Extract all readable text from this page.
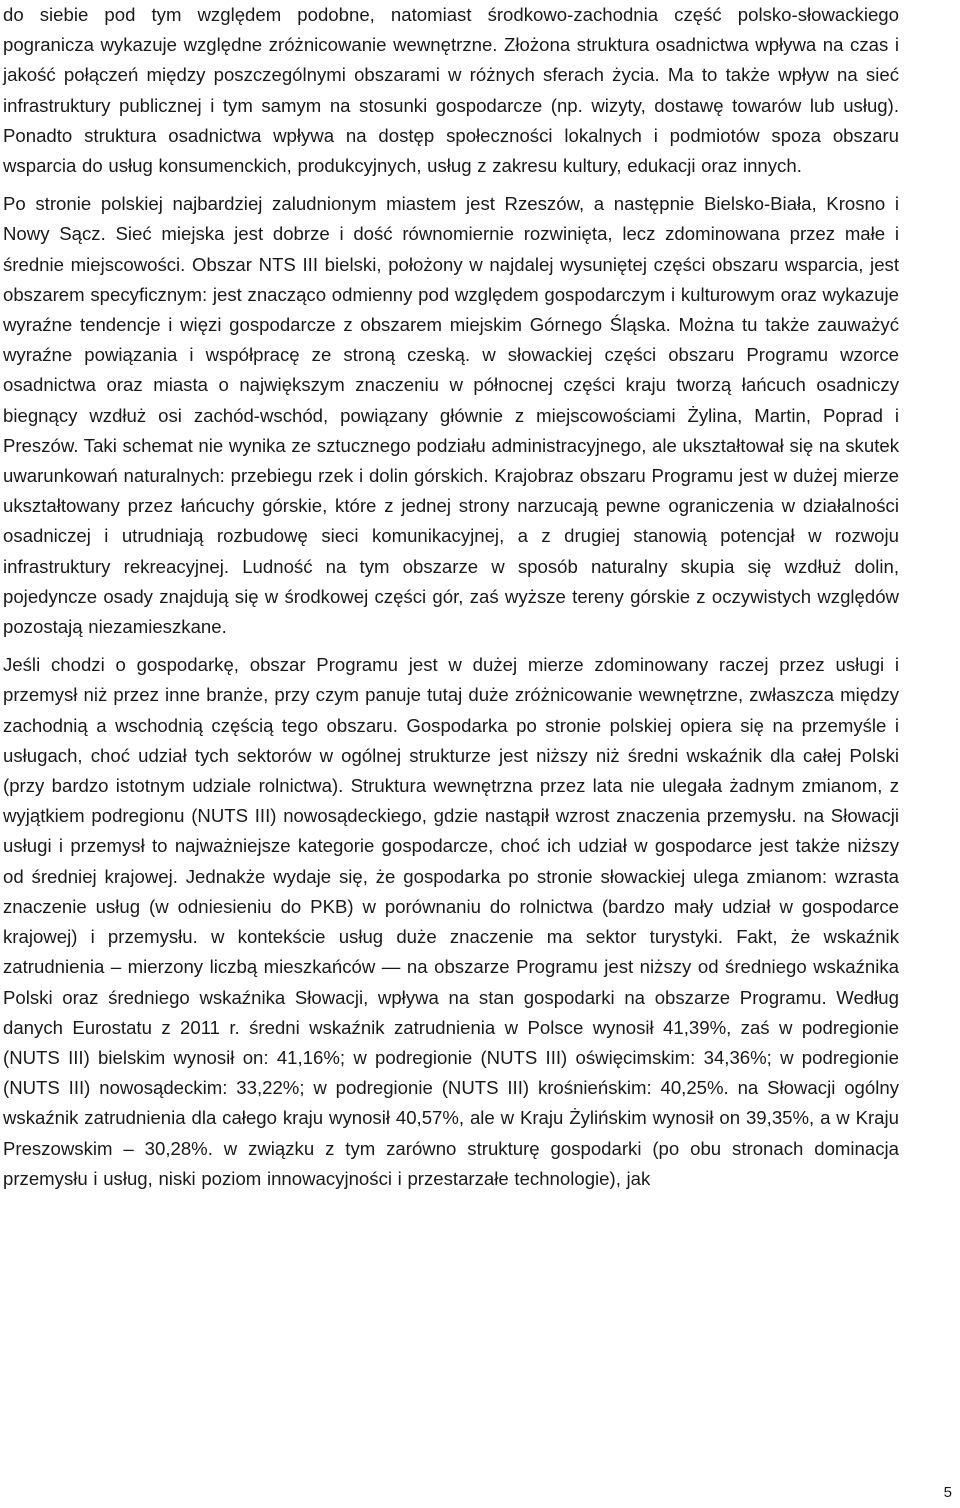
do siebie pod tym względem podobne, natomiast środkowo-zachodnia część polsko-słowackiego pogranicza wykazuje względne zróżnicowanie wewnętrzne. Złożona struktura osadnictwa wpływa na czas i jakość połączeń między poszczególnymi obszarami w różnych sferach życia. Ma to także wpływ na sieć infrastruktury publicznej i tym samym na stosunki gospodarcze (np. wizyty, dostawę towarów lub usług). Ponadto struktura osadnictwa wpływa na dostęp społeczności lokalnych i podmiotów spoza obszaru wsparcia do usług konsumenckich, produkcyjnych, usług z zakresu kultury, edukacji oraz innych.

Po stronie polskiej najbardziej zaludnionym miastem jest Rzeszów, a następnie Bielsko-Biała, Krosno i Nowy Sącz. Sieć miejska jest dobrze i dość równomiernie rozwinięta, lecz zdominowana przez małe i średnie miejscowości. Obszar NTS III bielski, położony w najdalej wysuniętej części obszaru wsparcia, jest obszarem specyficznym: jest znacząco odmienny pod względem gospodarczym i kulturowym oraz wykazuje wyraźne tendencje i więzi gospodarcze z obszarem miejskim Górnego Śląska. Można tu także zauważyć wyraźne powiązania i współpracę ze stroną czeską. w słowackiej części obszaru Programu wzorce osadnictwa oraz miasta o największym znaczeniu w północnej części kraju tworzą łańcuch osadniczy biegnący wzdłuż osi zachód-wschód, powiązany głównie z miejscowościami Żylina, Martin, Poprad i Preszów. Taki schemat nie wynika ze sztucznego podziału administracyjnego, ale ukształtował się na skutek uwarunkowań naturalnych: przebiegu rzek i dolin górskich. Krajobraz obszaru Programu jest w dużej mierze ukształtowany przez łańcuchy górskie, które z jednej strony narzucają pewne ograniczenia w działalności osadniczej i utrudniają rozbudowę sieci komunikacyjnej, a z drugiej stanowią potencjał w rozwoju infrastruktury rekreacyjnej. Ludność na tym obszarze w sposób naturalny skupia się wzdłuż dolin, pojedyncze osady znajdują się w środkowej części gór, zaś wyższe tereny górskie z oczywistych względów pozostają niezamieszkane.

Jeśli chodzi o gospodarkę, obszar Programu jest w dużej mierze zdominowany raczej przez usługi i przemysł niż przez inne branże, przy czym panuje tutaj duże zróżnicowanie wewnętrzne, zwłaszcza między zachodnią a wschodnią częścią tego obszaru. Gospodarka po stronie polskiej opiera się na przemyśle i usługach, choć udział tych sektorów w ogólnej strukturze jest niższy niż średni wskaźnik dla całej Polski (przy bardzo istotnym udziale rolnictwa). Struktura wewnętrzna przez lata nie ulegała żadnym zmianom, z wyjątkiem podregionu (NUTS III) nowosądeckiego, gdzie nastąpił wzrost znaczenia przemysłu. na Słowacji usługi i przemysł to najważniejsze kategorie gospodarcze, choć ich udział w gospodarce jest także niższy od średniej krajowej. Jednakże wydaje się, że gospodarka po stronie słowackiej ulega zmianom: wzrasta znaczenie usług (w odniesieniu do PKB) w porównaniu do rolnictwa (bardzo mały udział w gospodarce krajowej) i przemysłu. w kontekście usług duże znaczenie ma sektor turystyki. Fakt, że wskaźnik zatrudnienia – mierzony liczbą mieszkańców — na obszarze Programu jest niższy od średniego wskaźnika Polski oraz średniego wskaźnika Słowacji, wpływa na stan gospodarki na obszarze Programu. Według danych Eurostatu z 2011 r. średni wskaźnik zatrudnienia w Polsce wynosił 41,39%, zaś w podregionie (NUTS III) bielskim wynosił on: 41,16%; w podregionie (NUTS III) oświęcimskim: 34,36%; w podregionie (NUTS III) nowosądeckim: 33,22%; w podregionie (NUTS III) krośnieńskim: 40,25%. na Słowacji ogólny wskaźnik zatrudnienia dla całego kraju wynosił 40,57%, ale w Kraju Żylińskim wynosił on 39,35%, a w Kraju Preszowskim – 30,28%. w związku z tym zarówno strukturę gospodarki (po obu stronach dominacja przemysłu i usług, niski poziom innowacyjności i przestarzałe technologie), jak

5
